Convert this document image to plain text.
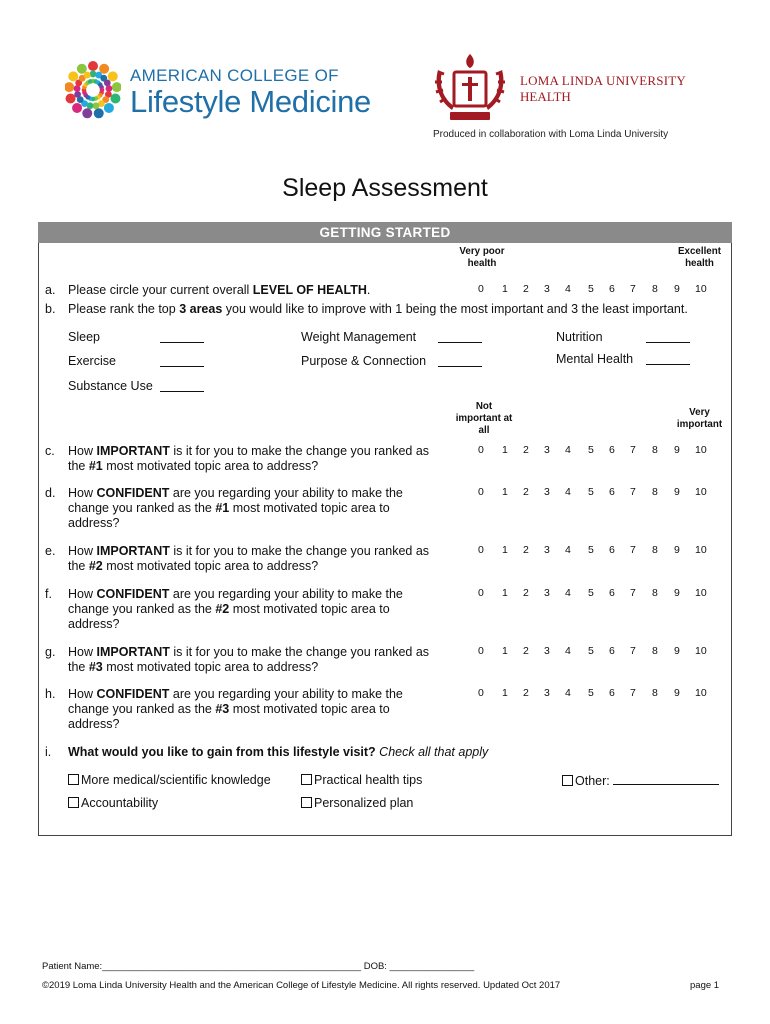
AMERICAN COLLEGE OF
Lifestyle Medicine
LOMA LINDA UNIVERSITY
HEALTH
Produced in collaboration with Loma Linda University
Sleep Assessment
GETTING STARTED
Very poor health
Excellent health
a. Please circle your current overall LEVEL OF HEALTH.	0 1 2 3 4 5 6 7 8 9 10
b. Please rank the top 3 areas you would like to improve with 1 being the most important and 3 the least important.
Sleep	Weight Management	Nutrition
Exercise	Purpose & Connection	Mental Health
Substance Use
Not important at all
Very important
c. How IMPORTANT is it for you to make the change you ranked as
the #1 most motivated topic area to address?
0 1 2 3 4 5 6 7 8 9 10
d. How CONFIDENT are you regarding your ability to make the
change you ranked as the #1 most motivated topic area to
address?
0 1 2 3 4 5 6 7 8 9 10
e. How IMPORTANT is it for you to make the change you ranked as
the #2 most motivated topic area to address?
0 1 2 3 4 5 6 7 8 9 10
f. How CONFIDENT are you regarding your ability to make the
change you ranked as the #2 most motivated topic area to
address?
0 1 2 3 4 5 6 7 8 9 10
g. How IMPORTANT is it for you to make the change you ranked as
the #3 most motivated topic area to address?
0 1 2 3 4 5 6 7 8 9 10
h. How CONFIDENT are you regarding your ability to make the
change you ranked as the #3 most motivated topic area to
address?
0 1 2 3 4 5 6 7 8 9 10
i. What would you like to gain from this lifestyle visit? Check all that apply
More medical/scientific knowledge	Practical health tips	Other:
Accountability	Personalized plan
Patient Name:_________________________________________________ DOB: ________________
©2019 Loma Linda University Health and the American College of Lifestyle Medicine. All rights reserved. Updated Oct 2017	page 1
